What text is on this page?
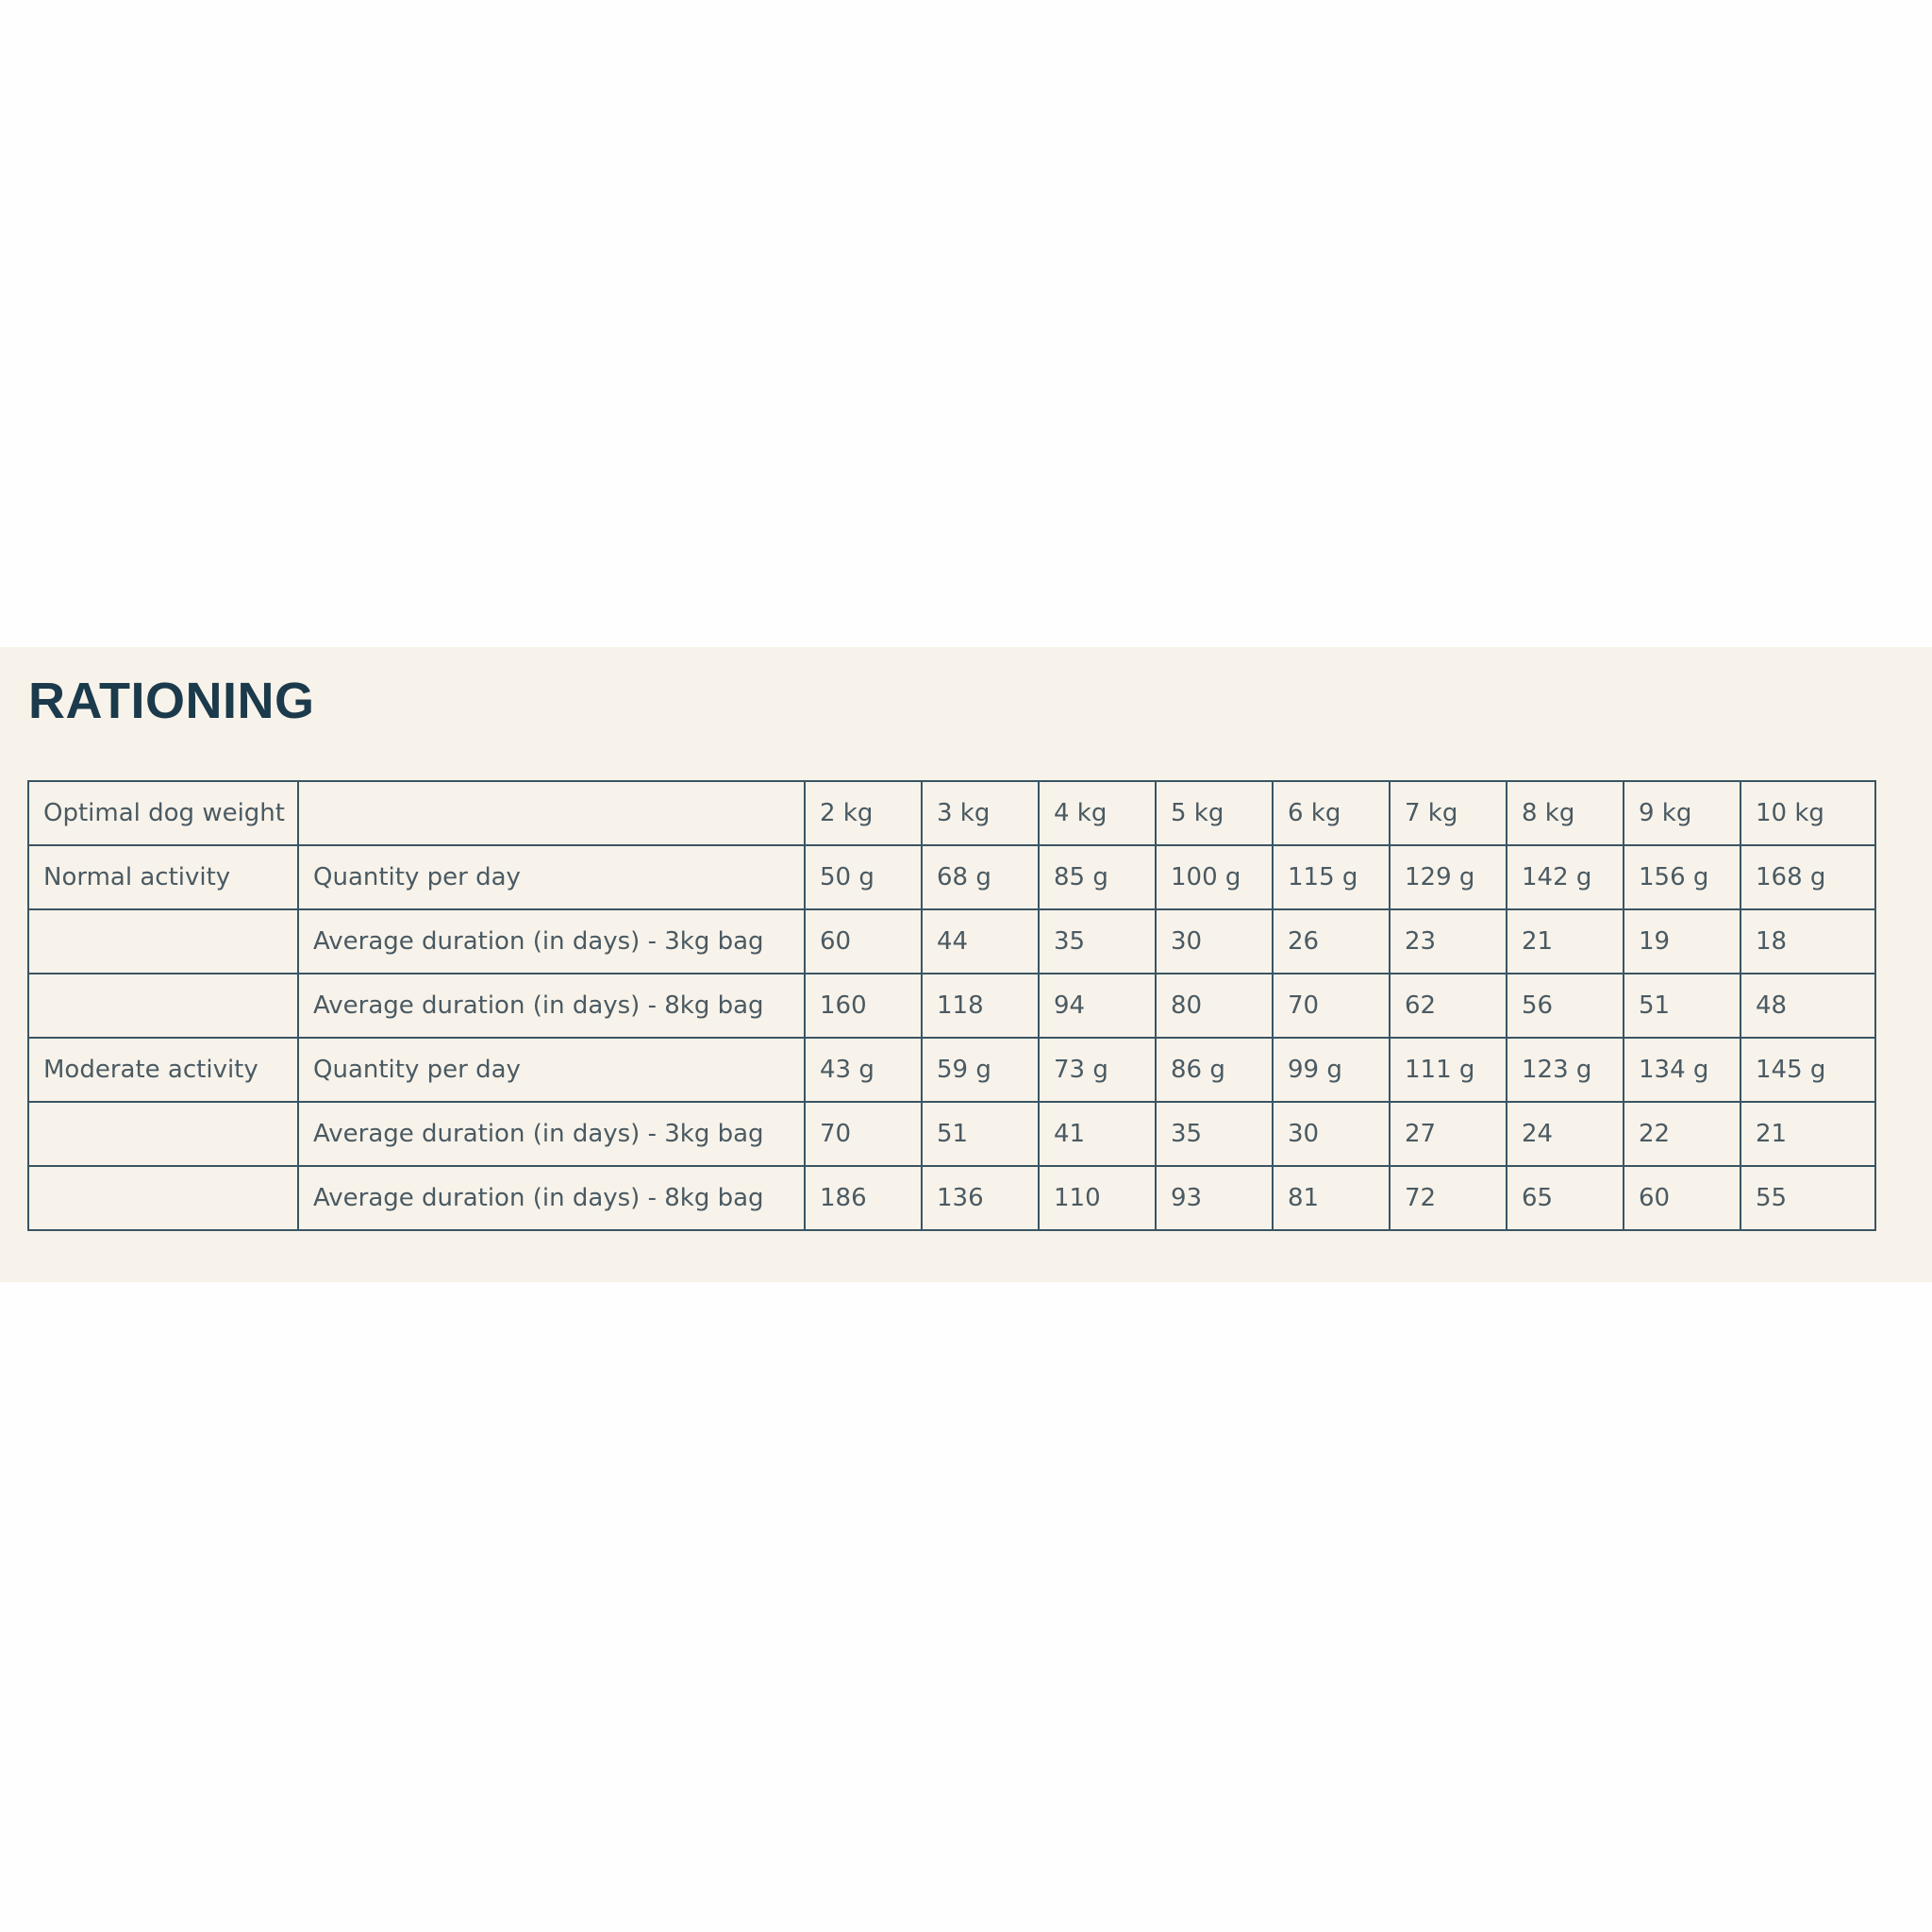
RATIONING
Optimal dog weight		2 kg	3 kg	4 kg	5 kg	6 kg	7 kg	8 kg	9 kg	10 kg
Normal activity	Quantity per day	50 g	68 g	85 g	100 g	115 g	129 g	142 g	156 g	168 g
	Average duration (in days) - 3kg bag	60	44	35	30	26	23	21	19	18
	Average duration (in days) - 8kg bag	160	118	94	80	70	62	56	51	48
Moderate activity	Quantity per day	43 g	59 g	73 g	86 g	99 g	111 g	123 g	134 g	145 g
	Average duration (in days) - 3kg bag	70	51	41	35	30	27	24	22	21
	Average duration (in days) - 8kg bag	186	136	110	93	81	72	65	60	55
